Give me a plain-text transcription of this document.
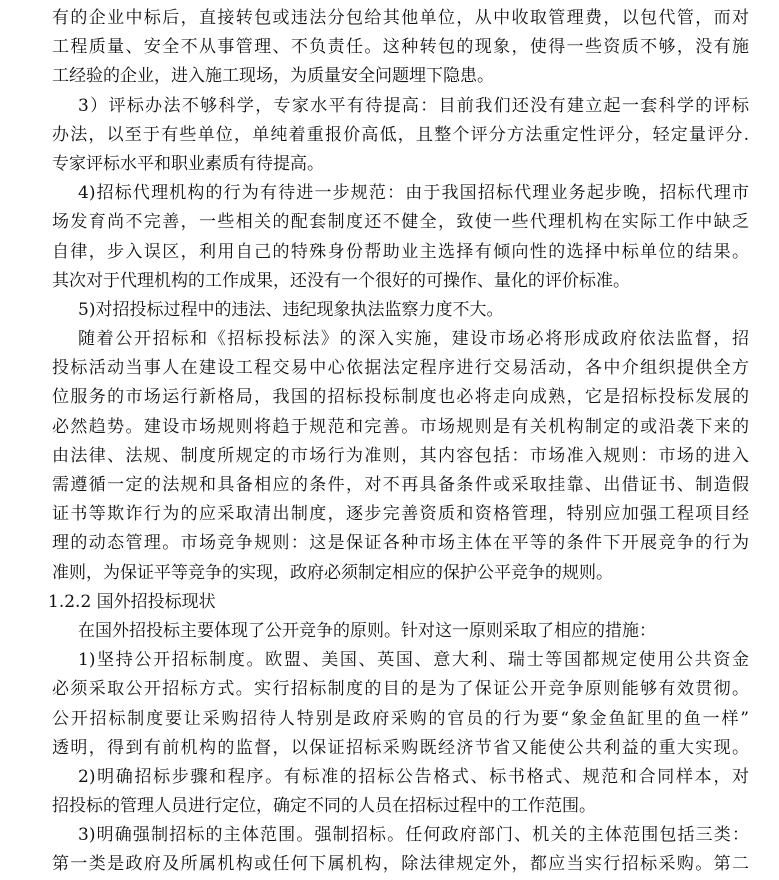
有的企业中标后，直接转包或违法分包给其他单位，从中收取管理费，以包代管，而对
工程质量、安全不从事管理、不负责任。这种转包的现象，使得一些资质不够，没有施
工经验的企业，进入施工现场，为质量安全问题埋下隐患。
3）评标办法不够科学，专家水平有待提高：目前我们还没有建立起一套科学的评标
办法，以至于有些单位，单纯着重报价高低，且整个评分方法重定性评分，轻定量评分.
专家评标水平和职业素质有待提高。
4)招标代理机构的行为有待进一步规范：由于我国招标代理业务起步晚，招标代理市
场发育尚不完善，一些相关的配套制度还不健全，致使一些代理机构在实际工作中缺乏
自律，步入误区，利用自己的特殊身份帮助业主选择有倾向性的选择中标单位的结果。
其次对于代理机构的工作成果，还没有一个很好的可操作、量化的评价标准。
5)对招投标过程中的违法、违纪现象执法监察力度不大。
随着公开招标和《招标投标法》的深入实施，建设市场必将形成政府依法监督，招
投标活动当事人在建设工程交易中心依据法定程序进行交易活动，各中介组织提供全方
位服务的市场运行新格局，我国的招标投标制度也必将走向成熟，它是招标投标发展的
必然趋势。建设市场规则将趋于规范和完善。市场规则是有关机构制定的或沿袭下来的
由法律、法规、制度所规定的市场行为准则，其内容包括：市场准入规则：市场的进入
需遵循一定的法规和具备相应的条件，对不再具备条件或采取挂靠、出借证书、制造假
证书等欺诈行为的应采取清出制度，逐步完善资质和资格管理，特别应加强工程项目经
理的动态管理。市场竞争规则：这是保证各种市场主体在平等的条件下开展竞争的行为
准则，为保证平等竞争的实现，政府必须制定相应的保护公平竞争的规则。
1.2.2 国外招投标现状
在国外招投标主要体现了公开竞争的原则。针对这一原则采取了相应的措施：
1)坚持公开招标制度。欧盟、美国、英国、意大利、瑞士等国都规定使用公共资金
必须采取公开招标方式。实行招标制度的目的是为了保证公开竞争原则能够有效贯彻。
公开招标制度要让采购招待人特别是政府采购的官员的行为要“象金鱼缸里的鱼一样”
透明，得到有前机构的监督，以保证招标采购既经济节省又能使公共利益的重大实现。
2)明确招标步骤和程序。有标准的招标公告格式、标书格式、规范和合同样本，对
招投标的管理人员进行定位，确定不同的人员在招标过程中的工作范围。
3)明确强制招标的主体范围。强制招标。任何政府部门、机关的主体范围包括三类：
第一类是政府及所属机构或任何下属机构，除法律规定外，都应当实行招标采购。第二
